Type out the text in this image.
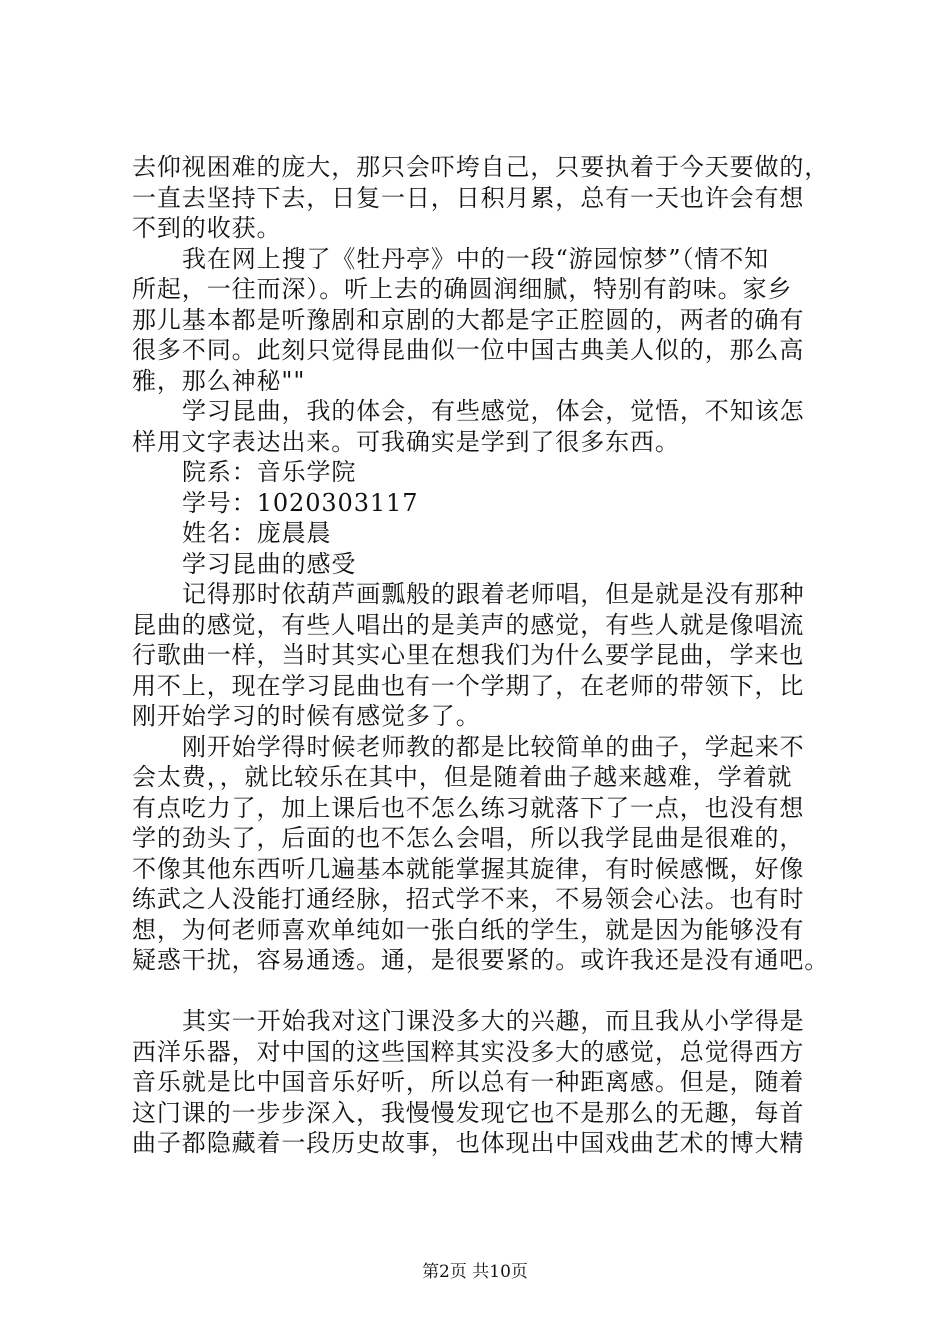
去仰视困难的庞大，那只会吓垮自己，只要执着于今天要做的，
一直去坚持下去，日复一日，日积月累，总有一天也许会有想
不到的收获。
我在网上搜了《牡丹亭》中的一段“游园惊梦”（情不知
所起，一往而深）。听上去的确圆润细腻，特别有韵味。家乡
那儿基本都是听豫剧和京剧的大都是字正腔圆的，两者的确有
很多不同。此刻只觉得昆曲似一位中国古典美人似的，那么高
雅，那么神秘""
学习昆曲，我的体会，有些感觉，体会，觉悟，不知该怎
样用文字表达出来。可我确实是学到了很多东西。
院系：音乐学院
学号：1020303117
姓名：庞晨晨
学习昆曲的感受
记得那时依葫芦画瓢般的跟着老师唱，但是就是没有那种
昆曲的感觉，有些人唱出的是美声的感觉，有些人就是像唱流
行歌曲一样，当时其实心里在想我们为什么要学昆曲，学来也
用不上，现在学习昆曲也有一个学期了，在老师的带领下，比
刚开始学习的时候有感觉多了。
刚开始学得时候老师教的都是比较简单的曲子，学起来不
会太费，，就比较乐在其中，但是随着曲子越来越难，学着就
有点吃力了，加上课后也不怎么练习就落下了一点，也没有想
学的劲头了，后面的也不怎么会唱，所以我学昆曲是很难的，
不像其他东西听几遍基本就能掌握其旋律，有时候感慨，好像
练武之人没能打通经脉，招式学不来，不易领会心法。也有时
想，为何老师喜欢单纯如一张白纸的学生，就是因为能够没有
疑惑干扰，容易通透。通，是很要紧的。或许我还是没有通吧。
其实一开始我对这门课没多大的兴趣，而且我从小学得是
西洋乐器，对中国的这些国粹其实没多大的感觉，总觉得西方
音乐就是比中国音乐好听，所以总有一种距离感。但是，随着
这门课的一步步深入，我慢慢发现它也不是那么的无趣，每首
曲子都隐藏着一段历史故事，也体现出中国戏曲艺术的博大精
第2页 共10页
